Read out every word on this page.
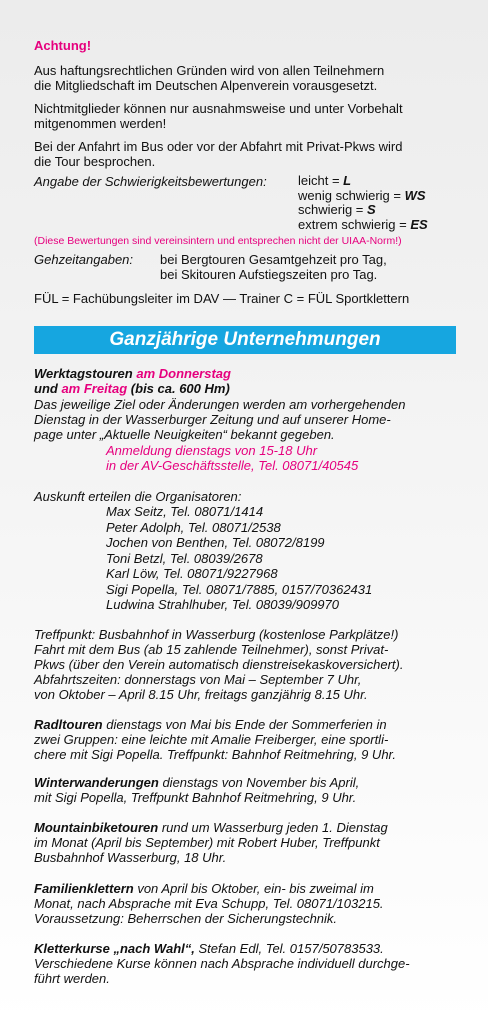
Achtung!
Aus haftungsrechtlichen Gründen wird von allen Teilnehmern
die Mitgliedschaft im Deutschen Alpenverein vorausgesetzt.
Nichtmitglieder können nur ausnahmsweise und unter Vorbehalt
mitgenommen werden!
Bei der Anfahrt im Bus oder vor der Abfahrt mit Privat-Pkws wird
die Tour besprochen.
Angabe der Schwierigkeitsbewertungen: leicht = L
wenig schwierig = WS
schwierig = S
extrem schwierig = ES
(Diese Bewertungen sind vereinsintern und entsprechen nicht der UIAA-Norm!)
Gehzeitangaben: bei Bergtouren Gesamtgehzeit pro Tag,
bei Skitouren Aufstiegszeiten pro Tag.
FÜL = Fachübungsleiter im DAV — Trainer C = FÜL Sportklettern
Ganzjährige Unternehmungen
Werktagstouren am Donnerstag
und am Freitag (bis ca. 600 Hm)
Das jeweilige Ziel oder Änderungen werden am vorhergehenden
Dienstag in der Wasserburger Zeitung und auf unserer Home-
page unter „Aktuelle Neuigkeiten“ bekannt gegeben.
Anmeldung dienstags von 15-18 Uhr
in der AV-Geschäftsstelle, Tel. 08071/40545
Auskunft erteilen die Organisatoren:
Max Seitz, Tel. 08071/1414
Peter Adolph, Tel. 08071/2538
Jochen von Benthen, Tel. 08072/8199
Toni Betzl, Tel. 08039/2678
Karl Löw, Tel. 08071/9227968
Sigi Popella, Tel. 08071/7885, 0157/70362431
Ludwina Strahlhuber, Tel. 08039/909970
Treffpunkt: Busbahnhof in Wasserburg (kostenlose Parkplätze!)
Fahrt mit dem Bus (ab 15 zahlende Teilnehmer), sonst Privat-
Pkws (über den Verein automatisch dienstreisekaskoversichert).
Abfahrtszeiten: donnerstags von Mai – September 7 Uhr,
von Oktober – April 8.15 Uhr, freitags ganzjährig 8.15 Uhr.
Radltouren dienstags von Mai bis Ende der Sommerferien in
zwei Gruppen: eine leichte mit Amalie Freiberger, eine sportli-
chere mit Sigi Popella. Treffpunkt: Bahnhof Reitmehring, 9 Uhr.
Winterwanderungen dienstags von November bis April,
mit Sigi Popella, Treffpunkt Bahnhof Reitmehring, 9 Uhr.
Mountainbiketouren rund um Wasserburg jeden 1. Dienstag
im Monat (April bis September) mit Robert Huber, Treffpunkt
Busbahnhof Wasserburg, 18 Uhr.
Familienklettern von April bis Oktober, ein- bis zweimal im
Monat, nach Absprache mit Eva Schupp, Tel. 08071/103215.
Voraussetzung: Beherrschen der Sicherungstechnik.
Kletterkurse „nach Wahl“, Stefan Edl, Tel. 0157/50783533.
Verschiedene Kurse können nach Absprache individuell durchge-
führt werden.
